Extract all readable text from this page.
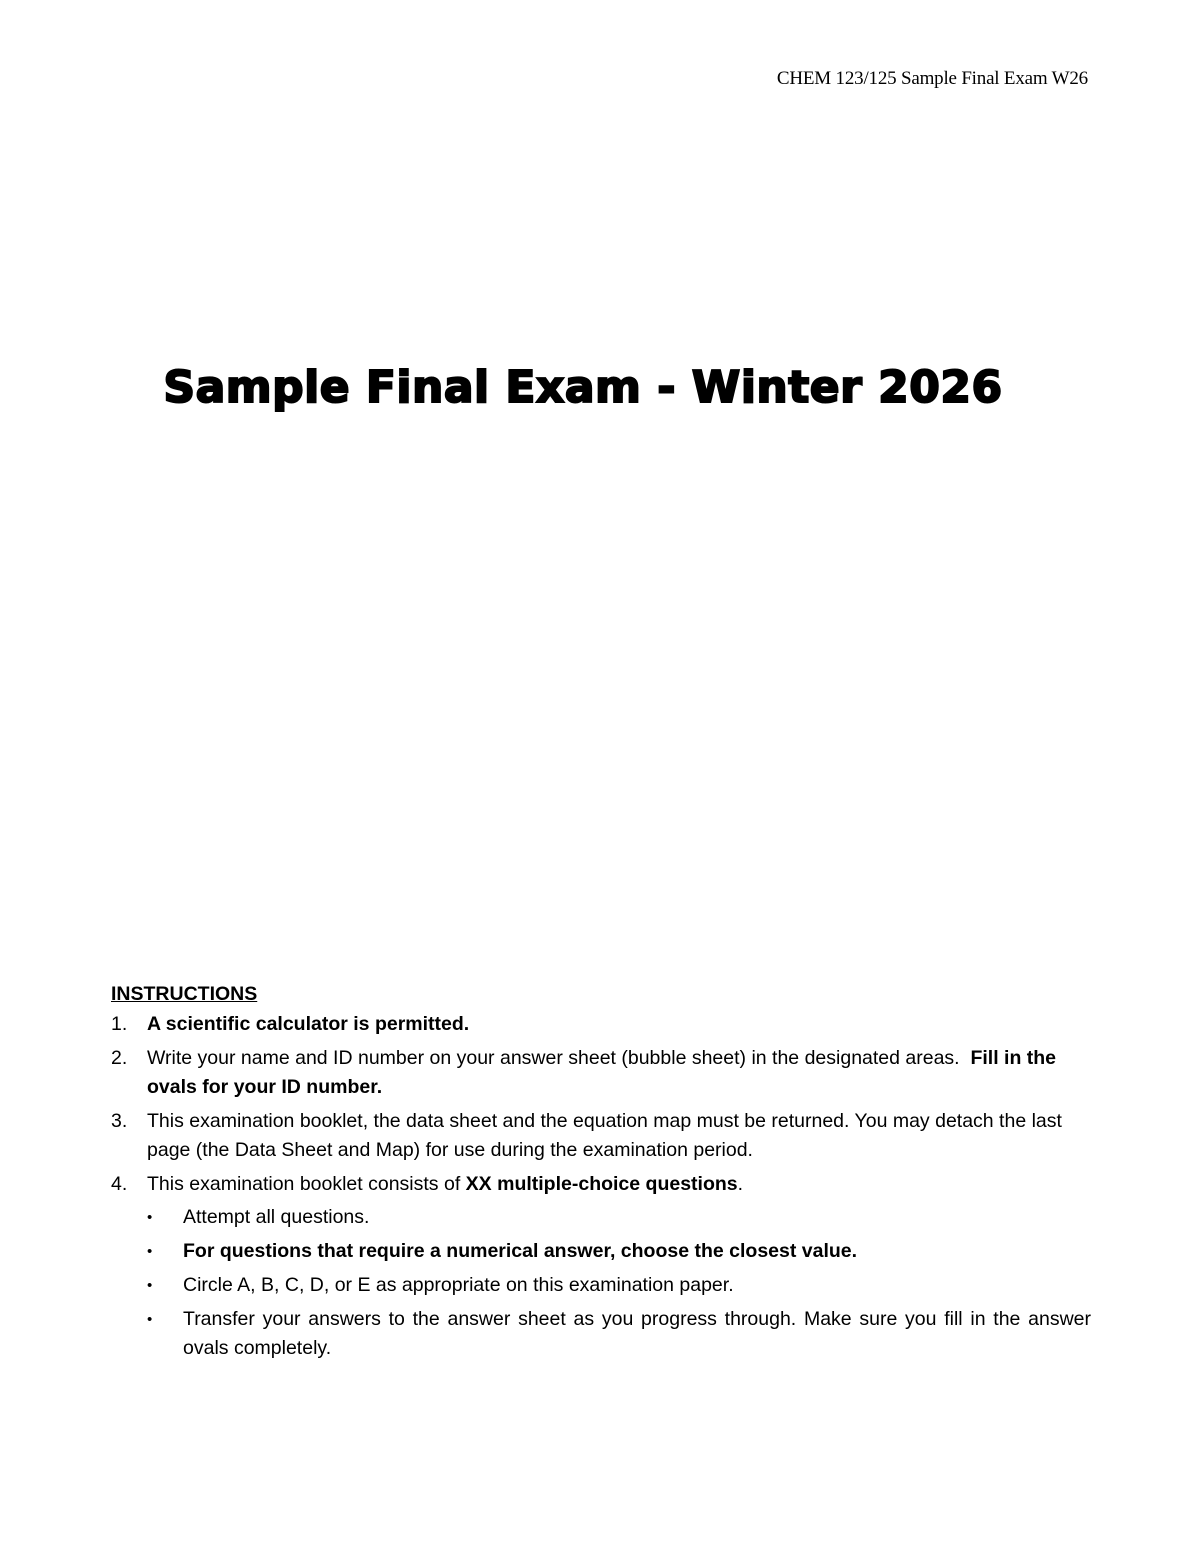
CHEM 123/125 Sample Final Exam W26
Sample Final Exam - Winter 2026
INSTRUCTIONS
1. A scientific calculator is permitted.
2. Write your name and ID number on your answer sheet (bubble sheet) in the designated areas. Fill in the ovals for your ID number.
3. This examination booklet, the data sheet and the equation map must be returned. You may detach the last page (the Data Sheet and Map) for use during the examination period.
4. This examination booklet consists of XX multiple-choice questions.
• Attempt all questions.
• For questions that require a numerical answer, choose the closest value.
• Circle A, B, C, D, or E as appropriate on this examination paper.
• Transfer your answers to the answer sheet as you progress through. Make sure you fill in the answer ovals completely.
